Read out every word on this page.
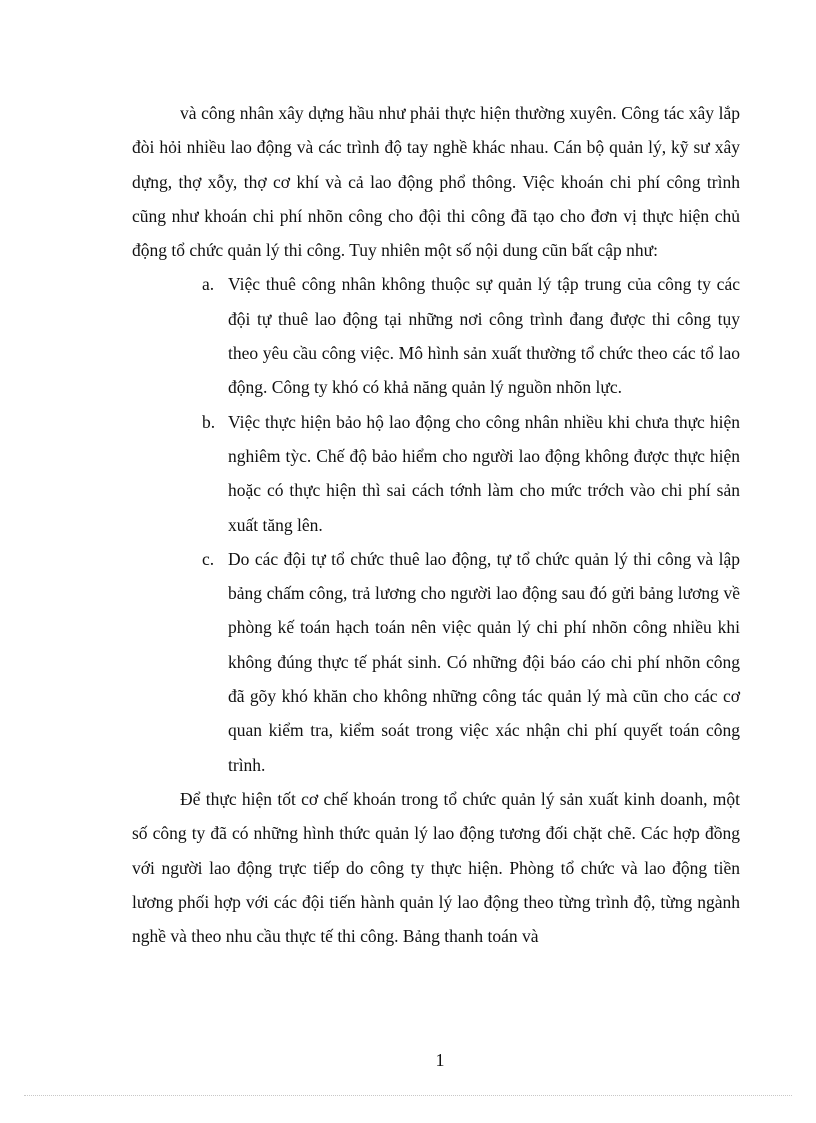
và công nhân xây dựng hầu như phải thực hiện thường xuyên. Công tác xây lắp đòi hỏi nhiều lao động và các trình độ tay nghề khác nhau. Cán bộ quản lý, kỹ sư xây dựng, thợ xỗy, thợ cơ khí và cả lao động phổ thông. Việc khoán chi phí công trình cũng như khoán chi phí nhõn công cho đội thi công đã tạo cho đơn vị thực hiện chủ động tổ chức quản lý thi công. Tuy nhiên một số nội dung cũn bất cập như:

a. Việc thuê công nhân không thuộc sự quản lý tập trung của công ty các đội tự thuê lao động tại những nơi công trình đang được thi công tụy theo yêu cầu công việc. Mô hình sản xuất thường tổ chức theo các tổ lao động. Công ty khó có khả năng quản lý nguồn nhõn lực.
b. Việc thực hiện bảo hộ lao động cho công nhân nhiều khi chưa thực hiện nghiêm tỳc. Chế độ bảo hiểm cho người lao động không được thực hiện hoặc có thực hiện thì sai cách tớnh làm cho mức trớch vào chi phí sản xuất tăng lên.
c. Do các đội tự tổ chức thuê lao động, tự tổ chức quản lý thi công và lập bảng chấm công, trả lương cho người lao động sau đó gửi bảng lương về phòng kế toán hạch toán nên việc quản lý chi phí nhõn công nhiều khi không đúng thực tế phát sinh. Có những đội báo cáo chi phí nhõn công đã gõy khó khăn cho không những công tác quản lý mà cũn cho các cơ quan kiểm tra, kiểm soát trong việc xác nhận chi phí quyết toán công trình.

Để thực hiện tốt cơ chế khoán trong tổ chức quản lý sản xuất kinh doanh, một số công ty đã có những hình thức quản lý lao động tương đối chặt chẽ. Các hợp đồng với người lao động trực tiếp do công ty thực hiện. Phòng tổ chức và lao động tiền lương phối hợp với các đội tiến hành quản lý lao động theo từng trình độ, từng ngành nghề và theo nhu cầu thực tế thi công. Bảng thanh toán và

1
